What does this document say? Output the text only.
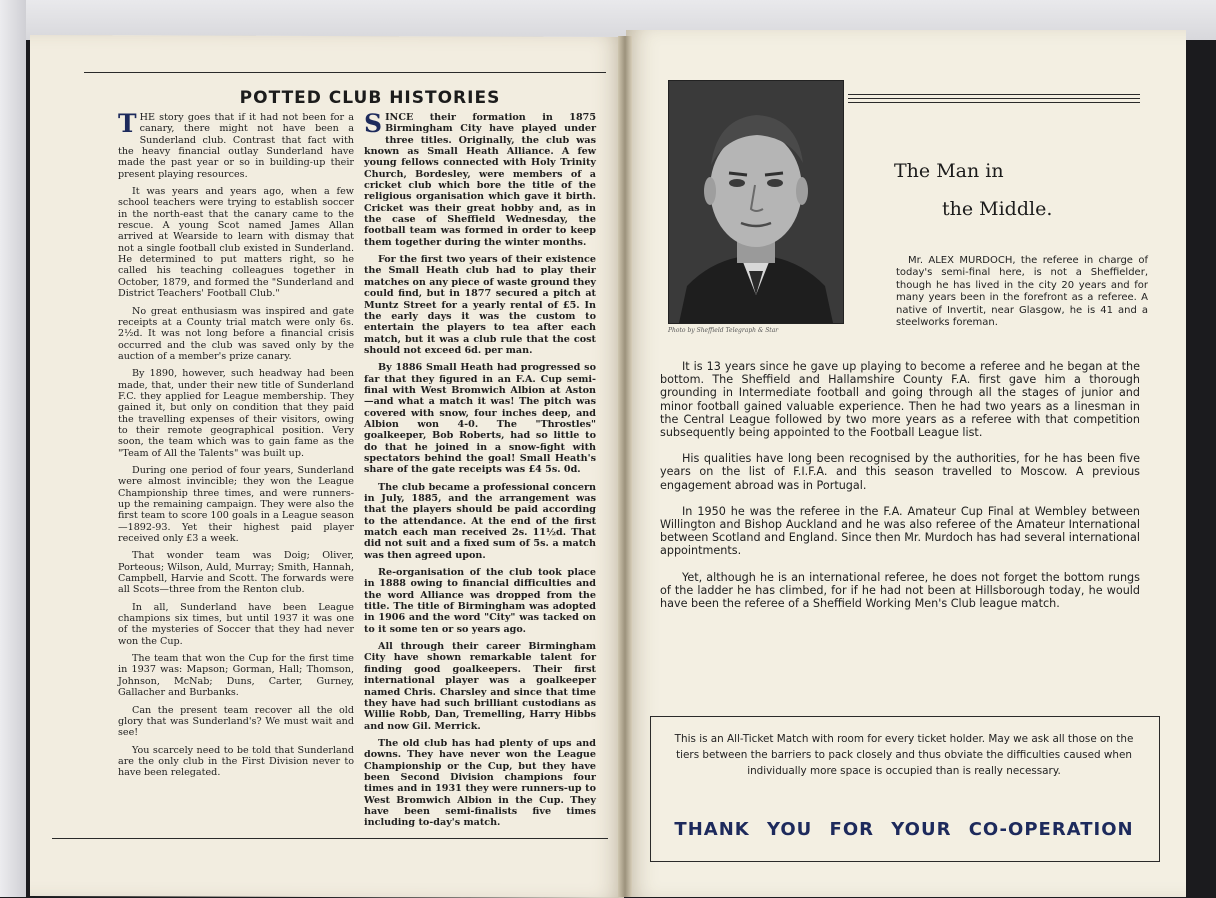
POTTED CLUB HISTORIES

THE story goes that if it had not been for a canary, there might not have been a Sunderland club. Contrast that fact with the heavy financial outlay Sunderland have made the past year or so in building-up their present playing resources.

It was years and years ago, when a few school teachers were trying to establish soccer in the north-east that the canary came to the rescue. A young Scot named James Allan arrived at Wearside to learn with dismay that not a single football club existed in Sunderland. He determined to put matters right, so he called his teaching colleagues together in October, 1879, and formed the "Sunderland and District Teachers' Football Club."

No great enthusiasm was inspired and gate receipts at a County trial match were only 6s. 2½d. It was not long before a financial crisis occurred and the club was saved only by the auction of a member's prize canary.

By 1890, however, such headway had been made, that, under their new title of Sunderland F.C. they applied for League membership. They gained it, but only on condition that they paid the travelling expenses of their visitors, owing to their remote geographical position. Very soon, the team which was to gain fame as the "Team of All the Talents" was built up.

During one period of four years, Sunderland were almost invincible; they won the League Championship three times, and were runners-up the remaining campaign. They were also the first team to score 100 goals in a League season—1892-93. Yet their highest paid player received only £3 a week.

That wonder team was Doig; Oliver, Porteous; Wilson, Auld, Murray; Smith, Hannah, Campbell, Harvie and Scott. The forwards were all Scots—three from the Renton club.

In all, Sunderland have been League champions six times, but until 1937 it was one of the mysteries of Soccer that they had never won the Cup.

The team that won the Cup for the first time in 1937 was: Mapson; Gorman, Hall; Thomson, Johnson, McNab; Duns, Carter, Gurney, Gallacher and Burbanks.

Can the present team recover all the old glory that was Sunderland's? We must wait and see!

You scarcely need to be told that Sunderland are the only club in the First Division never to have been relegated.

SINCE their formation in 1875 Birmingham City have played under three titles. Originally, the club was known as Small Heath Alliance. A few young fellows connected with Holy Trinity Church, Bordesley, were members of a cricket club which bore the title of the religious organisation which gave it birth. Cricket was their great hobby and, as in the case of Sheffield Wednesday, the football team was formed in order to keep them together during the winter months.

For the first two years of their existence the Small Heath club had to play their matches on any piece of waste ground they could find, but in 1877 secured a pitch at Muntz Street for a yearly rental of £5. In the early days it was the custom to entertain the players to tea after each match, but it was a club rule that the cost should not exceed 6d. per man.

By 1886 Small Heath had progressed so far that they figured in an F.A. Cup semi-final with West Bromwich Albion at Aston—and what a match it was! The pitch was covered with snow, four inches deep, and Albion won 4-0. The "Throstles" goalkeeper, Bob Roberts, had so little to do that he joined in a snow-fight with spectators behind the goal! Small Heath's share of the gate receipts was £4 5s. 0d.

The club became a professional concern in July, 1885, and the arrangement was that the players should be paid according to the attendance. At the end of the first match each man received 2s. 11½d. That did not suit and a fixed sum of 5s. a match was then agreed upon.

Re-organisation of the club took place in 1888 owing to financial difficulties and the word Alliance was dropped from the title. The title of Birmingham was adopted in 1906 and the word "City" was tacked on to it some ten or so years ago.

All through their career Birmingham City have shown remarkable talent for finding good goalkeepers. Their first international player was a goalkeeper named Chris. Charsley and since that time they have had such brilliant custodians as Willie Robb, Dan, Tremelling, Harry Hibbs and now Gil. Merrick.

The old club has had plenty of ups and downs. They have never won the League Championship or the Cup, but they have been Second Division champions four times and in 1931 they were runners-up to West Bromwich Albion in the Cup. They have been semi-finalists five times including to-day's match.

Photo by Sheffield Telegraph & Star
The Man in
the Middle.

Mr. ALEX MURDOCH, the referee in charge of today's semi-final here, is not a Sheffielder, though he has lived in the city 20 years and for many years been in the forefront as a referee. A native of Invertit, near Glasgow, he is 41 and a steelworks foreman.

It is 13 years since he gave up playing to become a referee and he began at the bottom. The Sheffield and Hallamshire County F.A. first gave him a thorough grounding in Intermediate football and going through all the stages of junior and minor football gained valuable experience. Then he had two years as a linesman in the Central League followed by two more years as a referee with that competition subsequently being appointed to the Football League list.

His qualities have long been recognised by the authorities, for he has been five years on the list of F.I.F.A. and this season travelled to Moscow. A previous engagement abroad was in Portugal.

In 1950 he was the referee in the F.A. Amateur Cup Final at Wembley between Willington and Bishop Auckland and he was also referee of the Amateur International between Scotland and England. Since then Mr. Murdoch has had several international appointments.

Yet, although he is an international referee, he does not forget the bottom rungs of the ladder he has climbed, for if he had not been at Hillsborough today, he would have been the referee of a Sheffield Working Men's Club league match.

This is an All-Ticket Match with room for every ticket holder. May we ask all those on the tiers between the barriers to pack closely and thus obviate the difficulties caused when individually more space is occupied than is really necessary.

THANK YOU FOR YOUR CO-OPERATION
